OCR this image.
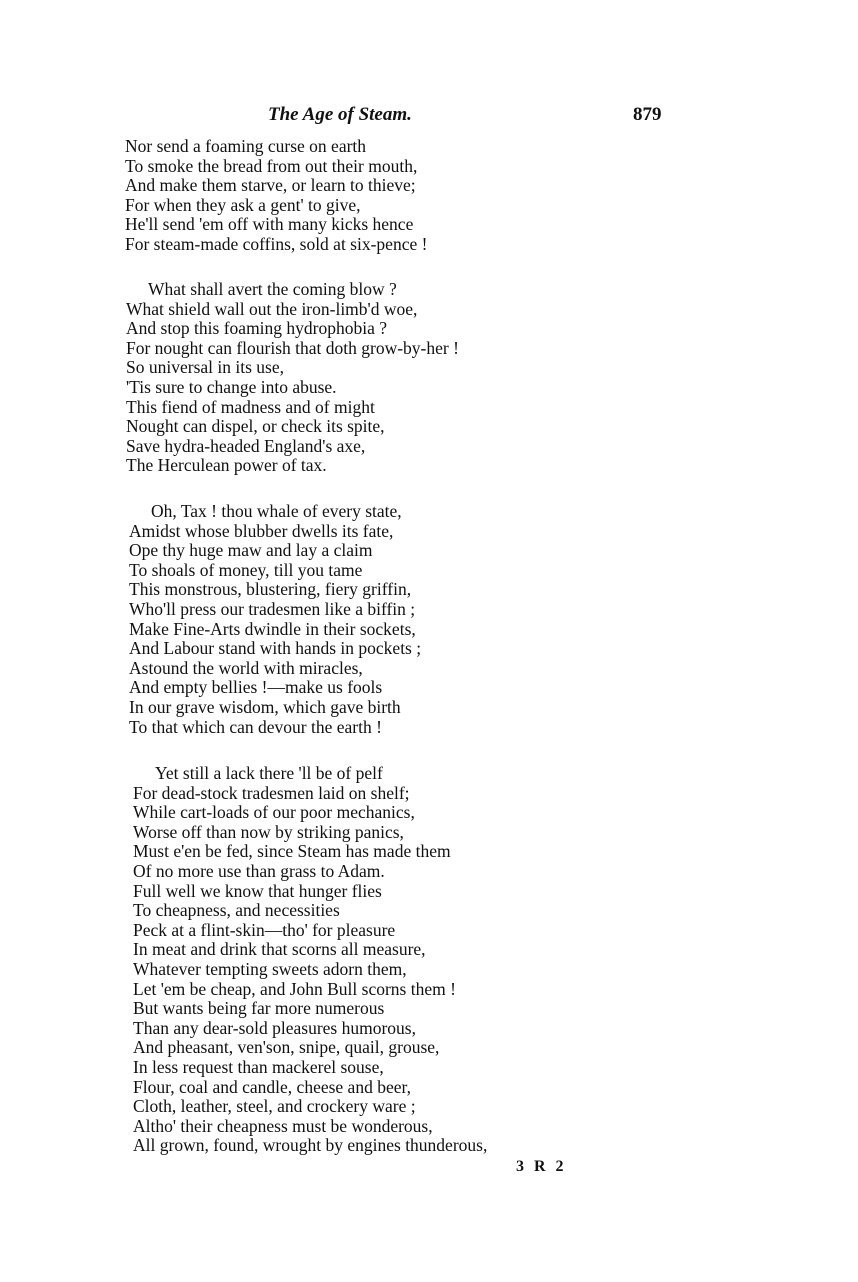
The Age of Steam.	879
Nor send a foaming curse on earth
To smoke the bread from out their mouth,
And make them starve, or learn to thieve;
For when they ask a gent' to give,
He'll send 'em off with many kicks hence
For steam-made coffins, sold at six-pence !
What shall avert the coming blow ?
What shield wall out the iron-limb'd woe,
And stop this foaming hydrophobia ?
For nought can flourish that doth grow-by-her !
So universal in its use,
'Tis sure to change into abuse.
This fiend of madness and of might
Nought can dispel, or check its spite,
Save hydra-headed England's axe,
The Herculean power of tax.
Oh, Tax ! thou whale of every state,
Amidst whose blubber dwells its fate,
Ope thy huge maw and lay a claim
To shoals of money, till you tame
This monstrous, blustering, fiery griffin,
Who'll press our tradesmen like a biffin ;
Make Fine-Arts dwindle in their sockets,
And Labour stand with hands in pockets ;
Astound the world with miracles,
And empty bellies !—make us fools
In our grave wisdom, which gave birth
To that which can devour the earth !
Yet still a lack there 'll be of pelf
For dead-stock tradesmen laid on shelf;
While cart-loads of our poor mechanics,
Worse off than now by striking panics,
Must e'en be fed, since Steam has made them
Of no more use than grass to Adam.
Full well we know that hunger flies
To cheapness, and necessities
Peck at a flint-skin—tho' for pleasure
In meat and drink that scorns all measure,
Whatever tempting sweets adorn them,
Let 'em be cheap, and John Bull scorns them !
But wants being far more numerous
Than any dear-sold pleasures humorous,
And pheasant, ven'son, snipe, quail, grouse,
In less request than mackerel souse,
Flour, coal and candle, cheese and beer,
Cloth, leather, steel, and crockery ware ;
Altho' their cheapness must be wonderous,
All grown, found, wrought by engines thunderous,
3 R 2
